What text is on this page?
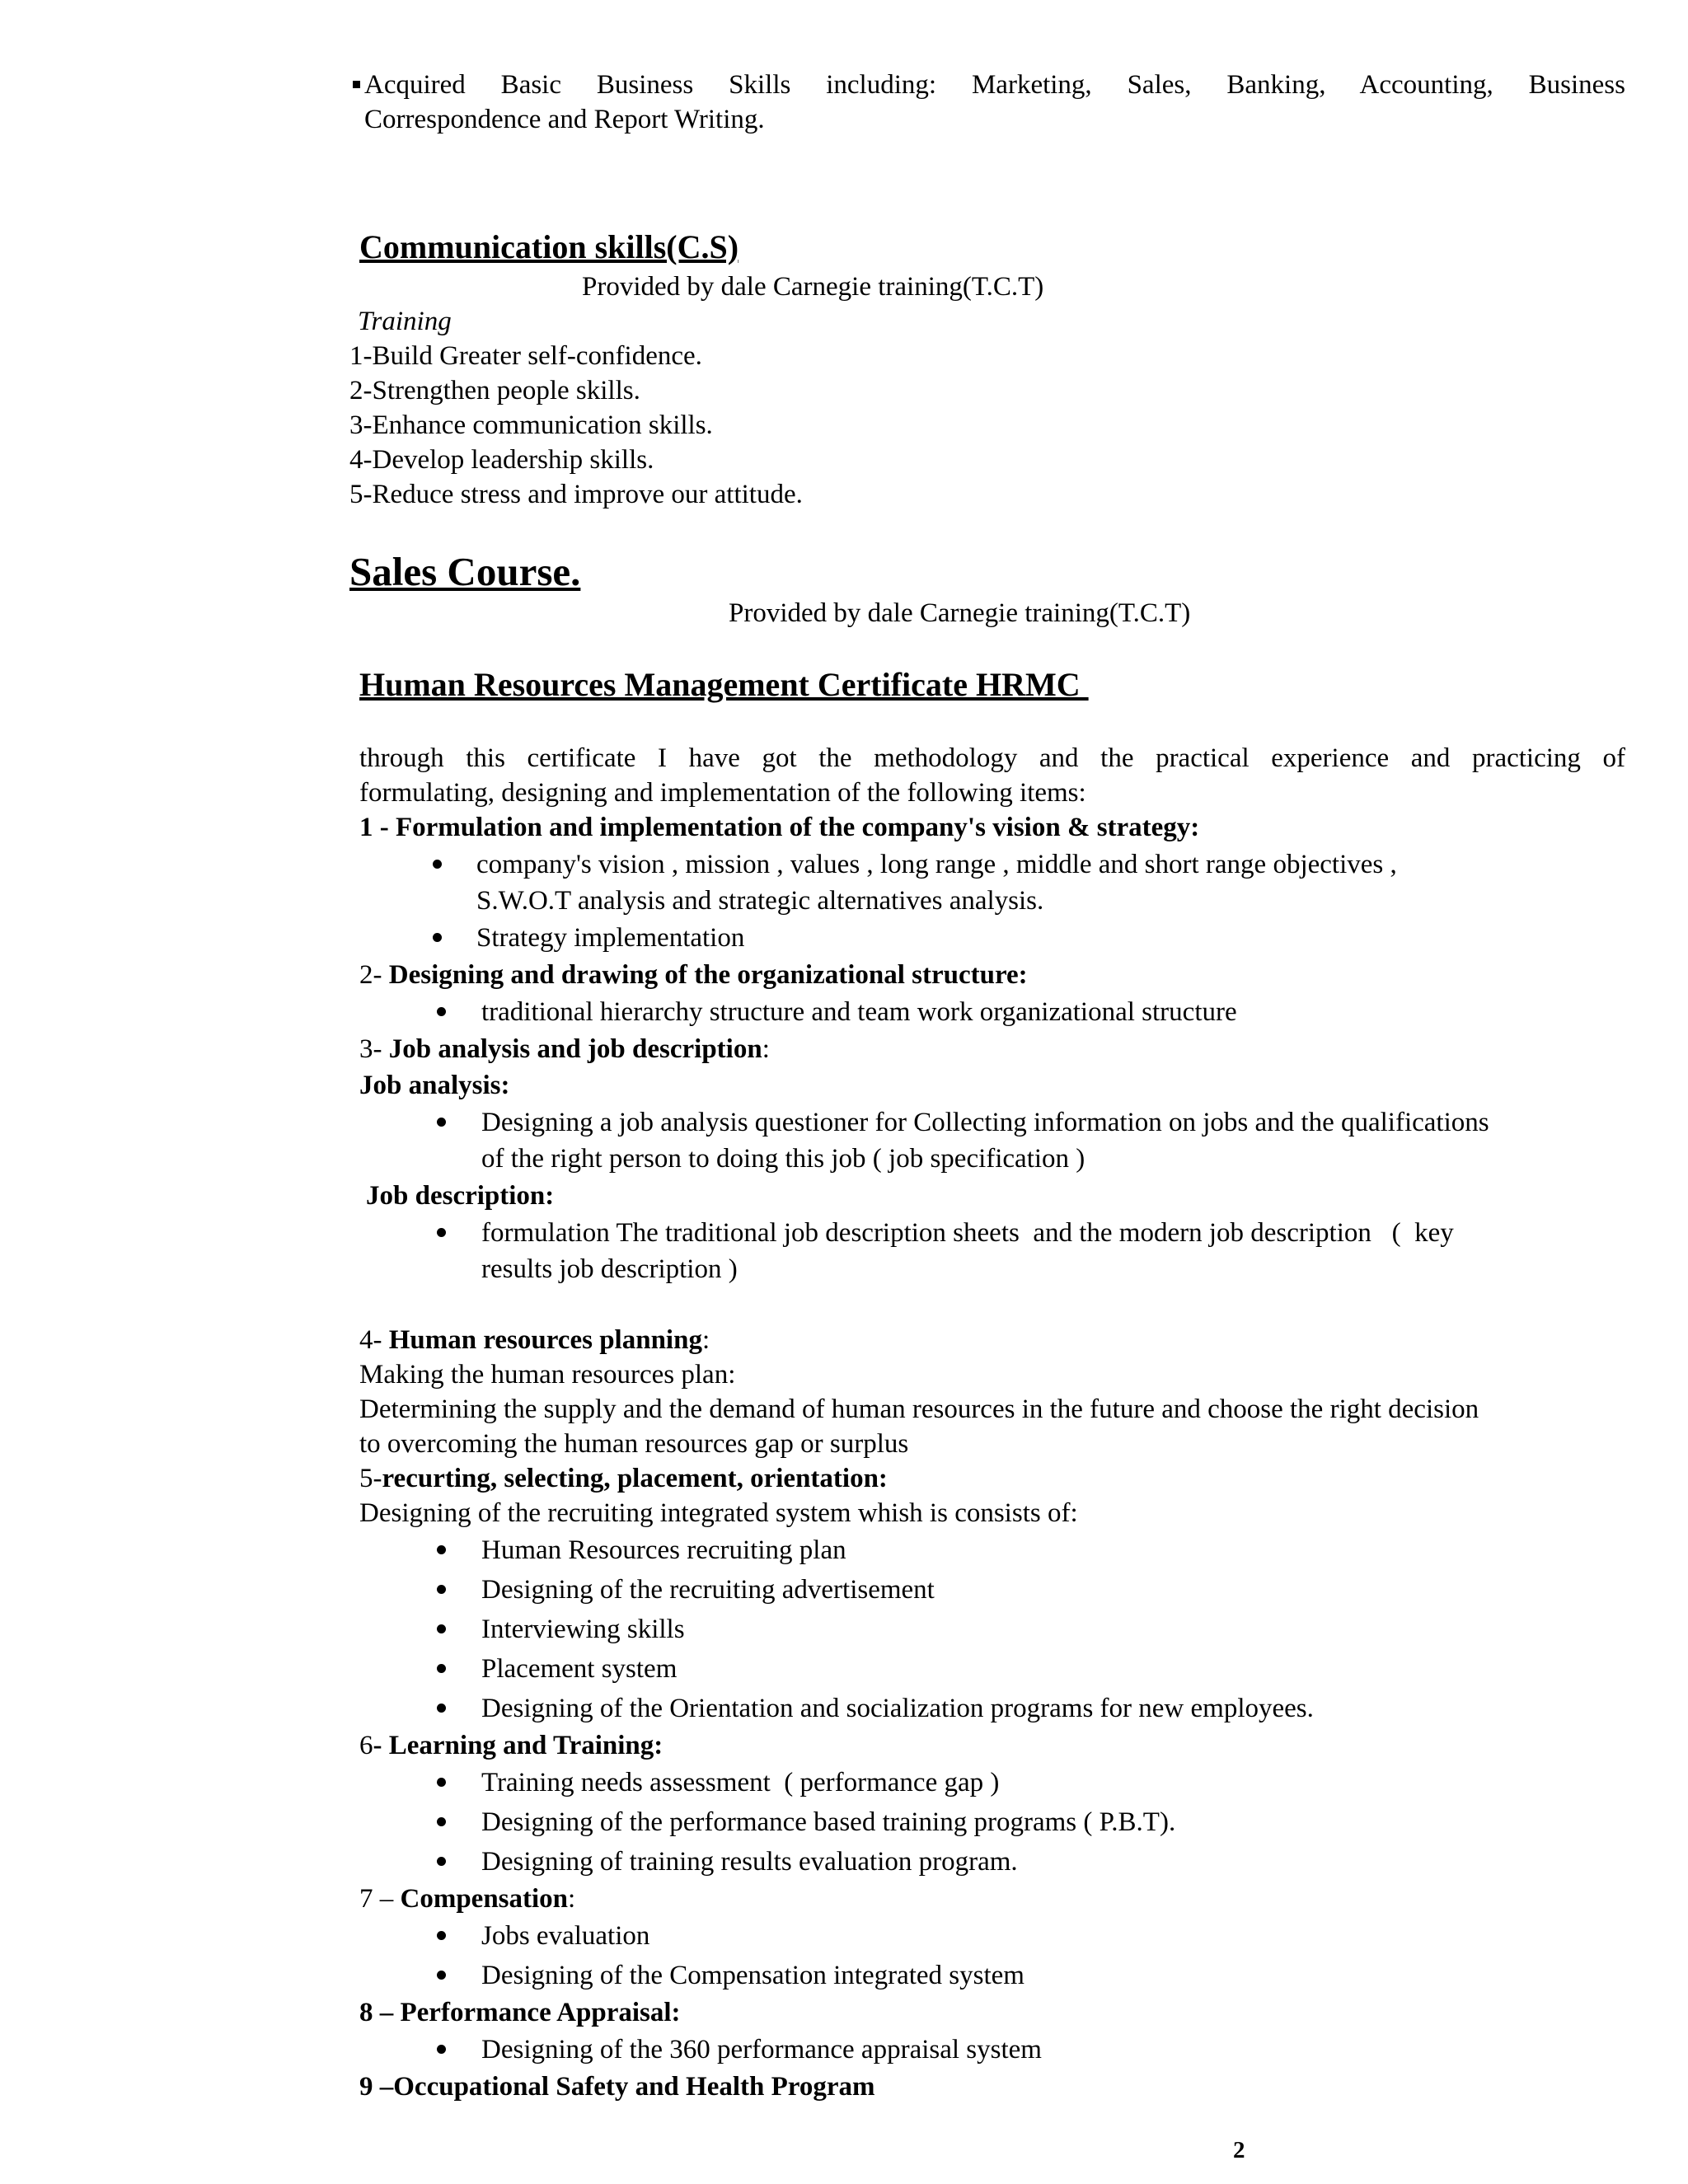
Acquired Basic Business Skills including: Marketing, Sales, Banking, Accounting, Business
Correspondence and Report Writing.
Communication skills(C.S)
Provided by dale Carnegie training(T.C.T)
Training
1-Build Greater self-confidence.
2-Strengthen people skills.
3-Enhance communication skills.
4-Develop leadership skills.
5-Reduce stress and improve our attitude.
Sales Course.
Provided by dale Carnegie training(T.C.T)
Human Resources Management Certificate HRMC
through this certificate I have got the methodology and the practical experience and practicing of
formulating, designing and implementation of the following items:
1 - Formulation and implementation of the company's vision & strategy:
company's vision , mission , values , long range , middle and short range objectives ,
S.W.O.T analysis and strategic alternatives analysis.
Strategy implementation
2- Designing and drawing of the organizational structure:
traditional hierarchy structure and team work organizational structure
3- Job analysis and job description:
Job analysis:
Designing a job analysis questioner for Collecting information on jobs and the qualifications
of the right person to doing this job ( job specification )
Job description:
formulation The traditional job description sheets  and the modern job description   (  key
results job description )
4- Human resources planning:
Making the human resources plan:
Determining the supply and the demand of human resources in the future and choose the right decision
to overcoming the human resources gap or surplus
5-recurting, selecting, placement, orientation:
Designing of the recruiting integrated system whish is consists of:
Human Resources recruiting plan
Designing of the recruiting advertisement
Interviewing skills
Placement system
Designing of the Orientation and socialization programs for new employees.
6- Learning and Training:
Training needs assessment  ( performance gap )
Designing of the performance based training programs ( P.B.T).
Designing of training results evaluation program.
7 – Compensation:
Jobs evaluation
Designing of the Compensation integrated system
8 – Performance Appraisal:
Designing of the 360 performance appraisal system
9 –Occupational Safety and Health Program
2
